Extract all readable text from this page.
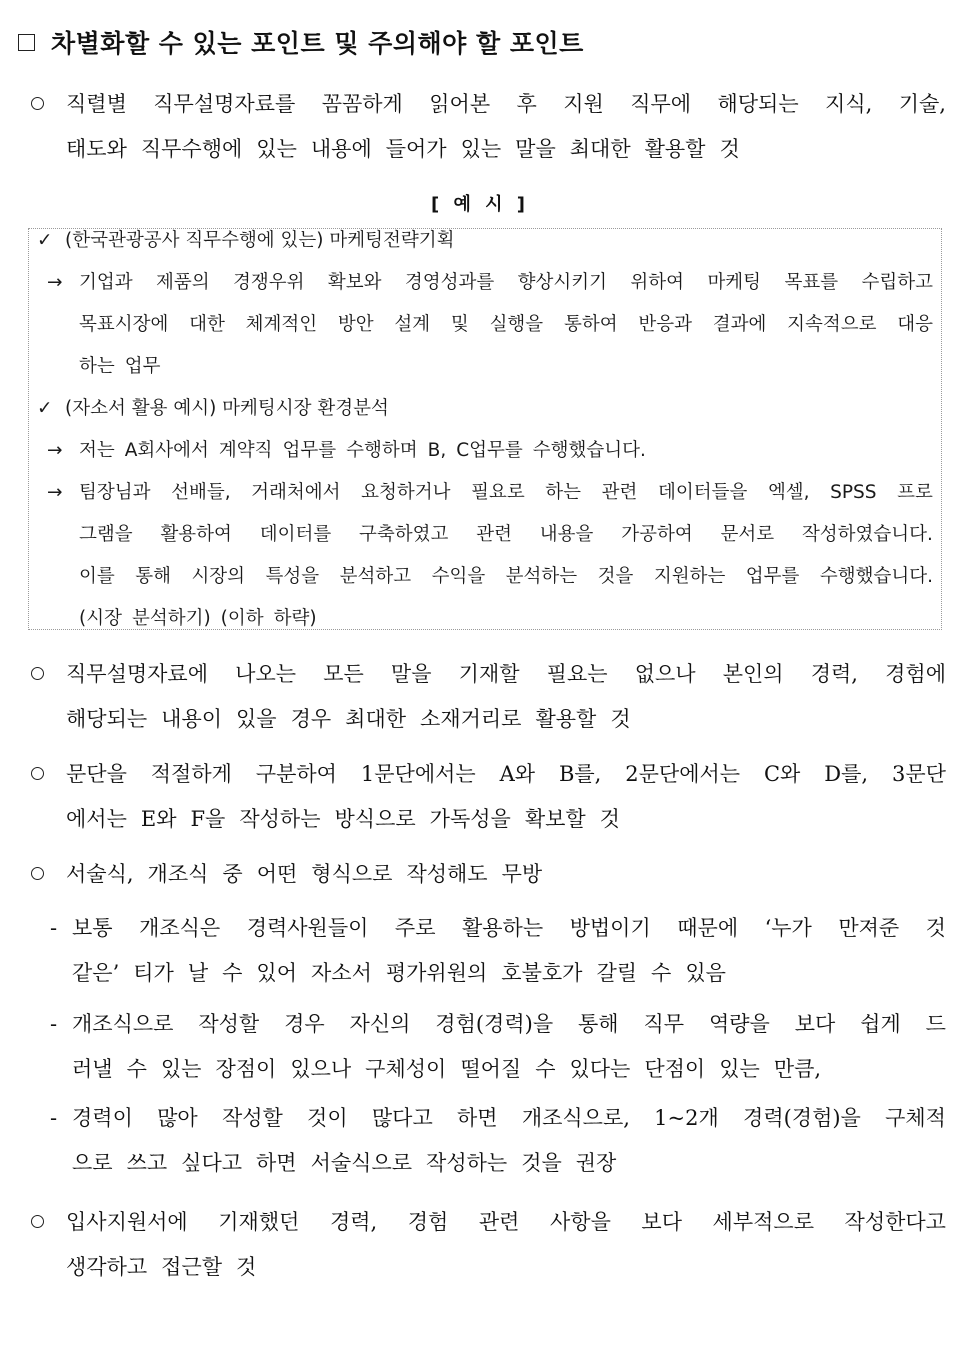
차별화할 수 있는 포인트 및 주의해야 할 포인트
직렬별 직무설명자료를 꼼꼼하게 읽어본 후 지원 직무에 해당되는 지식, 기술,
태도와 직무수행에 있는 내용에 들어가 있는 말을 최대한 활용할 것
[ 예 시 ]
✓ (한국관광공사 직무수행에 있는) 마케팅전략기획
→ 기업과 제품의 경쟁우위 확보와 경영성과를 향상시키기 위하여 마케팅 목표를 수립하고
목표시장에 대한 체계적인 방안 설계 및 실행을 통하여 반응과 결과에 지속적으로 대응
하는 업무
✓ (자소서 활용 예시) 마케팅시장 환경분석
→ 저는 A회사에서 계약직 업무를 수행하며 B, C업무를 수행했습니다.
→ 팀장님과 선배들, 거래처에서 요청하거나 필요로 하는 관련 데이터들을 엑셀, SPSS 프로
그램을 활용하여 데이터를 구축하였고 관련 내용을 가공하여 문서로 작성하였습니다.
이를 통해 시장의 특성을 분석하고 수익을 분석하는 것을 지원하는 업무를 수행했습니다.
(시장 분석하기) (이하 하략)
직무설명자료에 나오는 모든 말을 기재할 필요는 없으나 본인의 경력, 경험에
해당되는 내용이 있을 경우 최대한 소재거리로 활용할 것
문단을 적절하게 구분하여 1문단에서는 A와 B를, 2문단에서는 C와 D를, 3문단
에서는 E와 F을 작성하는 방식으로 가독성을 확보할 것
서술식, 개조식 중 어떤 형식으로 작성해도 무방
- 보통 개조식은 경력사원들이 주로 활용하는 방법이기 때문에 ‘누가 만져준 것
같은’ 티가 날 수 있어 자소서 평가위원의 호불호가 갈릴 수 있음
- 개조식으로 작성할 경우 자신의 경험(경력)을 통해 직무 역량을 보다 쉽게 드
러낼 수 있는 장점이 있으나 구체성이 떨어질 수 있다는 단점이 있는 만큼,
- 경력이 많아 작성할 것이 많다고 하면 개조식으로, 1~2개 경력(경험)을 구체적
으로 쓰고 싶다고 하면 서술식으로 작성하는 것을 권장
입사지원서에 기재했던 경력, 경험 관련 사항을 보다 세부적으로 작성한다고
생각하고 접근할 것
